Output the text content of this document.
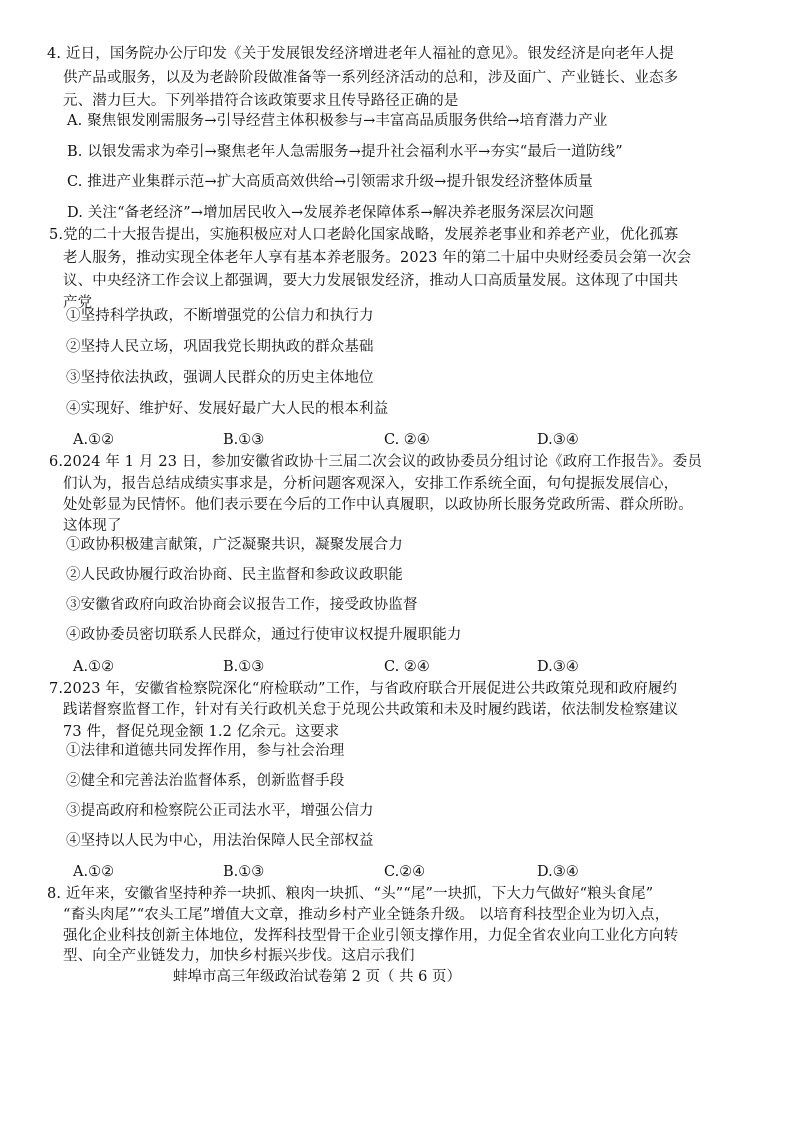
4. 近日，国务院办公厅印发《关于发展银发经济增进老年人福祉的意见》。银发经济是向老年人提
供产品或服务，以及为老龄阶段做准备等一系列经济活动的总和，涉及面广、产业链长、业态多
元、潜力巨大。下列举措符合该政策要求且传导路径正确的是
A. 聚焦银发刚需服务→引导经营主体积极参与→丰富高品质服务供给→培育潜力产业
B. 以银发需求为牵引→聚焦老年人急需服务→提升社会福利水平→夯实“最后一道防线”
C. 推进产业集群示范→扩大高质高效供给→引领需求升级→提升银发经济整体质量
D. 关注“备老经济”→增加居民收入→发展养老保障体系→解决养老服务深层次问题
5.党的二十大报告提出，实施积极应对人口老龄化国家战略，发展养老事业和养老产业，优化孤寡
老人服务，推动实现全体老年人享有基本养老服务。2023 年的第二十届中央财经委员会第一次会
议、中央经济工作会议上都强调，要大力发展银发经济，推动人口高质量发展。这体现了中国共
产党
①坚持科学执政，不断增强党的公信力和执行力
②坚持人民立场，巩固我党长期执政的群众基础
③坚持依法执政，强调人民群众的历史主体地位
④实现好、维护好、发展好最广大人民的根本利益
A.①②	B.①③	C. ②④	D.③④
6.2024 年 1 月 23 日，参加安徽省政协十三届二次会议的政协委员分组讨论《政府工作报告》。委员
们认为，报告总结成绩实事求是，分析问题客观深入，安排工作系统全面，句句提振发展信心，
处处彰显为民情怀。他们表示要在今后的工作中认真履职，以政协所长服务党政所需、群众所盼。
这体现了
①政协积极建言献策，广泛凝聚共识，凝聚发展合力
②人民政协履行政治协商、民主监督和参政议政职能
③安徽省政府向政治协商会议报告工作，接受政协监督
④政协委员密切联系人民群众，通过行使审议权提升履职能力
A.①②	B.①③	C. ②④	D.③④
7.2023 年，安徽省检察院深化“府检联动”工作，与省政府联合开展促进公共政策兑现和政府履约
践诺督察监督工作，针对有关行政机关怠于兑现公共政策和未及时履约践诺，依法制发检察建议
73 件，督促兑现金额 1.2 亿余元。这要求
①法律和道德共同发挥作用，参与社会治理
②健全和完善法治监督体系，创新监督手段
③提高政府和检察院公正司法水平，增强公信力
④坚持以人民为中心，用法治保障人民全部权益
A.①②	B.①③	C.②④	D.③④
8. 近年来，安徽省坚持种养一块抓、粮肉一块抓、“头”“尾”一块抓，下大力气做好“粮头食尾”
“畜头肉尾”“农头工尾”增值大文章，推动乡村产业全链条升级。 以培育科技型企业为切入点，
强化企业科技创新主体地位，发挥科技型骨干企业引领支撑作用，力促全省农业向工业化方向转
型、向全产业链发力，加快乡村振兴步伐。这启示我们
蚌埠市高三年级政治试卷第 2 页（ 共 6 页）
